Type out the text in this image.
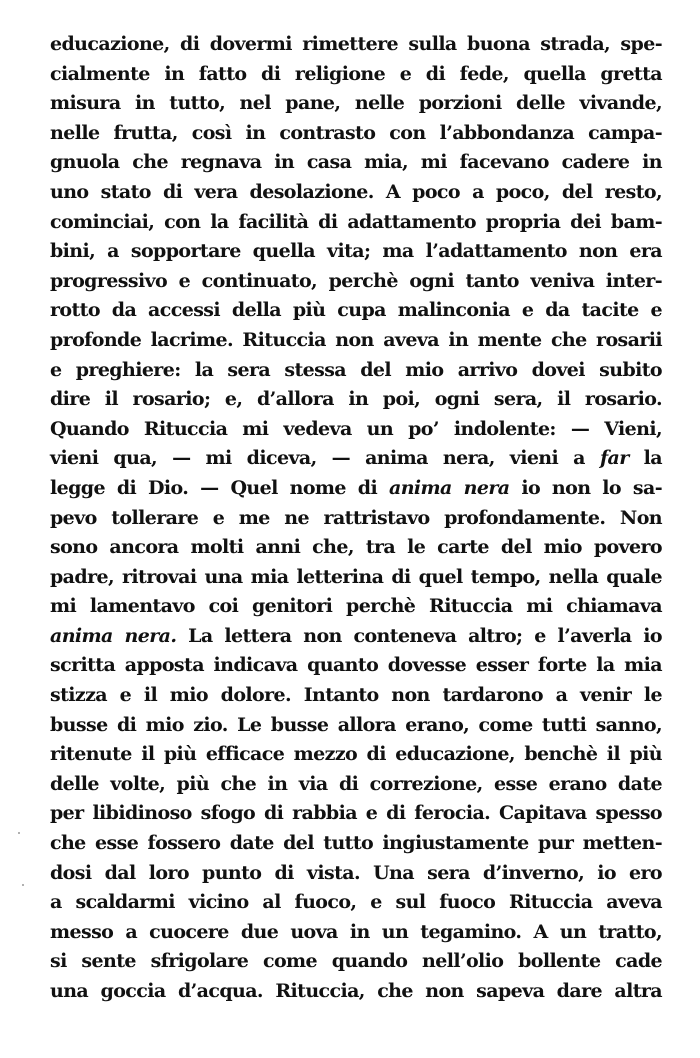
educazione, di dovermi rimettere sulla buona strada, spe-
cialmente in fatto di religione e di fede, quella gretta
misura in tutto, nel pane, nelle porzioni delle vivande,
nelle frutta, così in contrasto con l’abbondanza campa-
gnuola che regnava in casa mia, mi facevano cadere in
uno stato di vera desolazione. A poco a poco, del resto,
cominciai, con la facilità di adattamento propria dei bam-
bini, a sopportare quella vita; ma l’adattamento non era
progressivo e continuato, perchè ogni tanto veniva inter-
rotto da accessi della più cupa malinconia e da tacite e
profonde lacrime. Rituccia non aveva in mente che rosarii
e preghiere: la sera stessa del mio arrivo dovei subito
dire il rosario; e, d’allora in poi, ogni sera, il rosario.
Quando Rituccia mi vedeva un po’ indolente: — Vieni,
vieni qua, — mi diceva, — anima nera, vieni a far la
legge di Dio. — Quel nome di anima nera io non lo sa-
pevo tollerare e me ne rattristavo profondamente. Non
sono ancora molti anni che, tra le carte del mio povero
padre, ritrovai una mia letterina di quel tempo, nella quale
mi lamentavo coi genitori perchè Rituccia mi chiamava
anima nera. La lettera non conteneva altro; e l’averla io
scritta apposta indicava quanto dovesse esser forte la mia
stizza e il mio dolore. Intanto non tardarono a venir le
busse di mio zio. Le busse allora erano, come tutti sanno,
ritenute il più efficace mezzo di educazione, benchè il più
delle volte, più che in via di correzione, esse erano date
per libidinoso sfogo di rabbia e di ferocia. Capitava spesso
che esse fossero date del tutto ingiustamente pur metten-
dosi dal loro punto di vista. Una sera d’inverno, io ero
a scaldarmi vicino al fuoco, e sul fuoco Rituccia aveva
messo a cuocere due uova in un tegamino. A un tratto,
si sente sfrigolare come quando nell’olio bollente cade
una goccia d’acqua. Rituccia, che non sapeva dare altra
